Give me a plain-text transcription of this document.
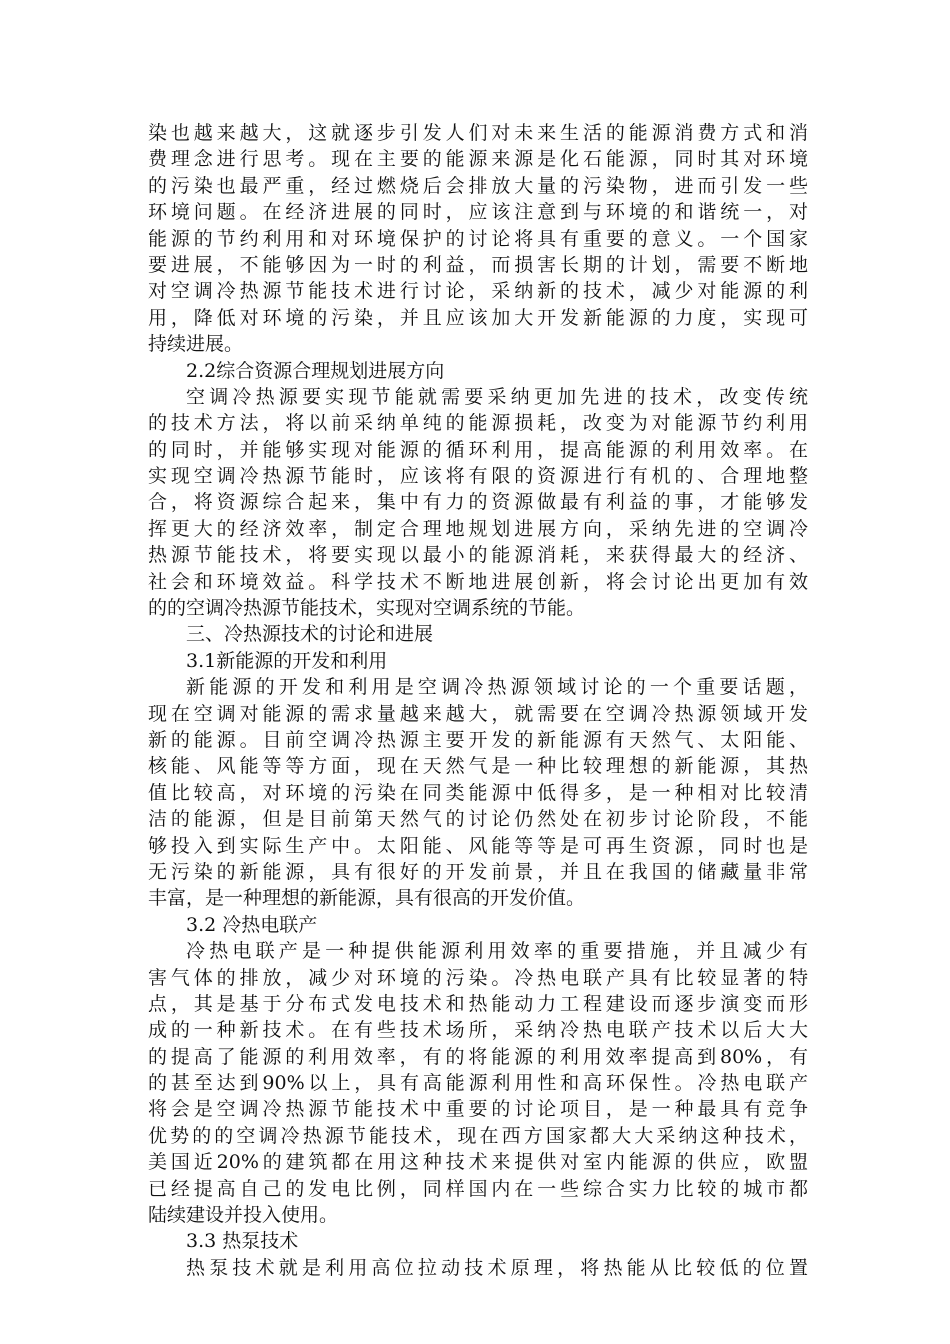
染也越来越大，这就逐步引发人们对未来生活的能源消费方式和消
费理念进行思考。现在主要的能源来源是化石能源，同时其对环境
的污染也最严重，经过燃烧后会排放大量的污染物，进而引发一些
环境问题。在经济进展的同时，应该注意到与环境的和谐统一，对
能源的节约利用和对环境保护的讨论将具有重要的意义。一个国家
要进展，不能够因为一时的利益，而损害长期的计划，需要不断地
对空调冷热源节能技术进行讨论，采纳新的技术，减少对能源的利
用，降低对环境的污染，并且应该加大开发新能源的力度，实现可
持续进展。
2.2综合资源合理规划进展方向
空调冷热源要实现节能就需要采纳更加先进的技术，改变传统
的技术方法，将以前采纳单纯的能源损耗，改变为对能源节约利用
的同时，并能够实现对能源的循环利用，提高能源的利用效率。在
实现空调冷热源节能时，应该将有限的资源进行有机的、合理地整
合，将资源综合起来，集中有力的资源做最有利益的事，才能够发
挥更大的经济效率，制定合理地规划进展方向，采纳先进的空调冷
热源节能技术，将要实现以最小的能源消耗，来获得最大的经济、
社会和环境效益。科学技术不断地进展创新，将会讨论出更加有效
的的空调冷热源节能技术，实现对空调系统的节能。
三、冷热源技术的讨论和进展
3.1新能源的开发和利用
新能源的开发和利用是空调冷热源领域讨论的一个重要话题，
现在空调对能源的需求量越来越大，就需要在空调冷热源领域开发
新的能源。目前空调冷热源主要开发的新能源有天然气、太阳能、
核能、风能等等方面，现在天然气是一种比较理想的新能源，其热
值比较高，对环境的污染在同类能源中低得多，是一种相对比较清
洁的能源，但是目前第天然气的讨论仍然处在初步讨论阶段，不能
够投入到实际生产中。太阳能、风能等等是可再生资源，同时也是
无污染的新能源，具有很好的开发前景，并且在我国的储藏量非常
丰富，是一种理想的新能源，具有很高的开发价值。
3.2 冷热电联产
冷热电联产是一种提供能源利用效率的重要措施，并且减少有
害气体的排放，减少对环境的污染。冷热电联产具有比较显著的特
点，其是基于分布式发电技术和热能动力工程建设而逐步演变而形
成的一种新技术。在有些技术场所，采纳冷热电联产技术以后大大
的提高了能源的利用效率，有的将能源的利用效率提高到80%，有
的甚至达到90%以上，具有高能源利用性和高环保性。冷热电联产
将会是空调冷热源节能技术中重要的讨论项目，是一种最具有竞争
优势的的空调冷热源节能技术，现在西方国家都大大采纳这种技术，
美国近20%的建筑都在用这种技术来提供对室内能源的供应，欧盟
已经提高自己的发电比例，同样国内在一些综合实力比较的城市都
陆续建设并投入使用。
3.3 热泵技术
热泵技术就是利用高位拉动技术原理，将热能从比较低的位置
